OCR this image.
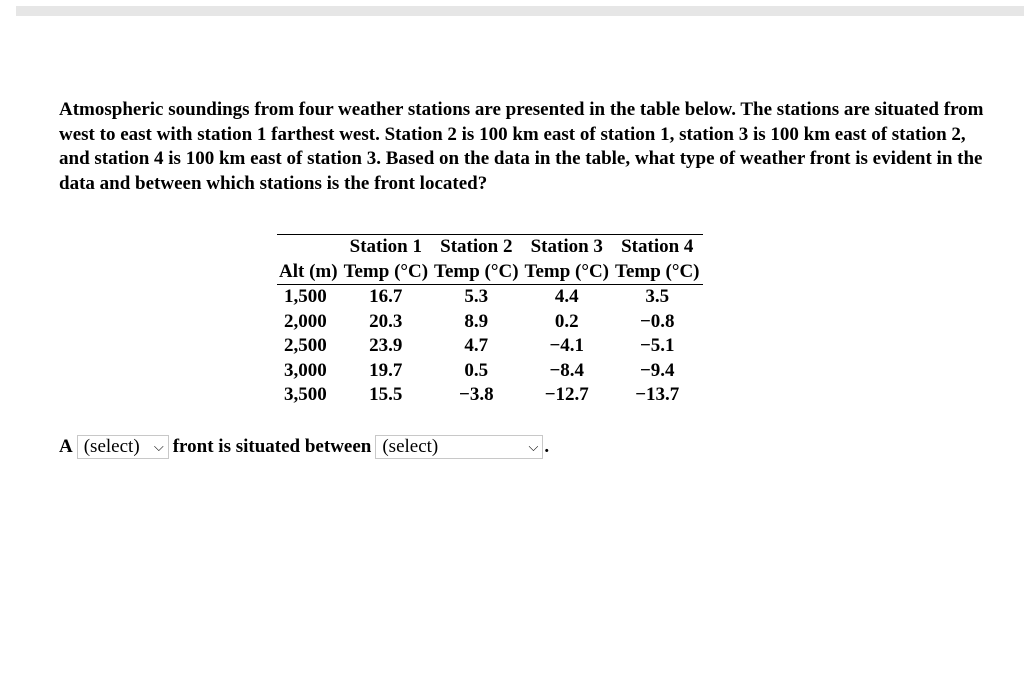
Atmospheric soundings from four weather stations are presented in the table below. The stations are situated from west to east with station 1 farthest west. Station 2 is 100 km east of station 1, station 3 is 100 km east of station 2, and station 4 is 100 km east of station 3. Based on the data in the table, what type of weather front is evident in the data and between which stations is the front located?
	Station 1	Station 2	Station 3	Station 4
Alt (m)	Temp (°C)	Temp (°C)	Temp (°C)	Temp (°C)
1,500	16.7	5.3	4.4	3.5
2,000	20.3	8.9	0.2	−0.8
2,500	23.9	4.7	−4.1	−5.1
3,000	19.7	0.5	−8.4	−9.4
3,500	15.5	−3.8	−12.7	−13.7
A (select) ⌵ front is situated between (select)	⌵ .
